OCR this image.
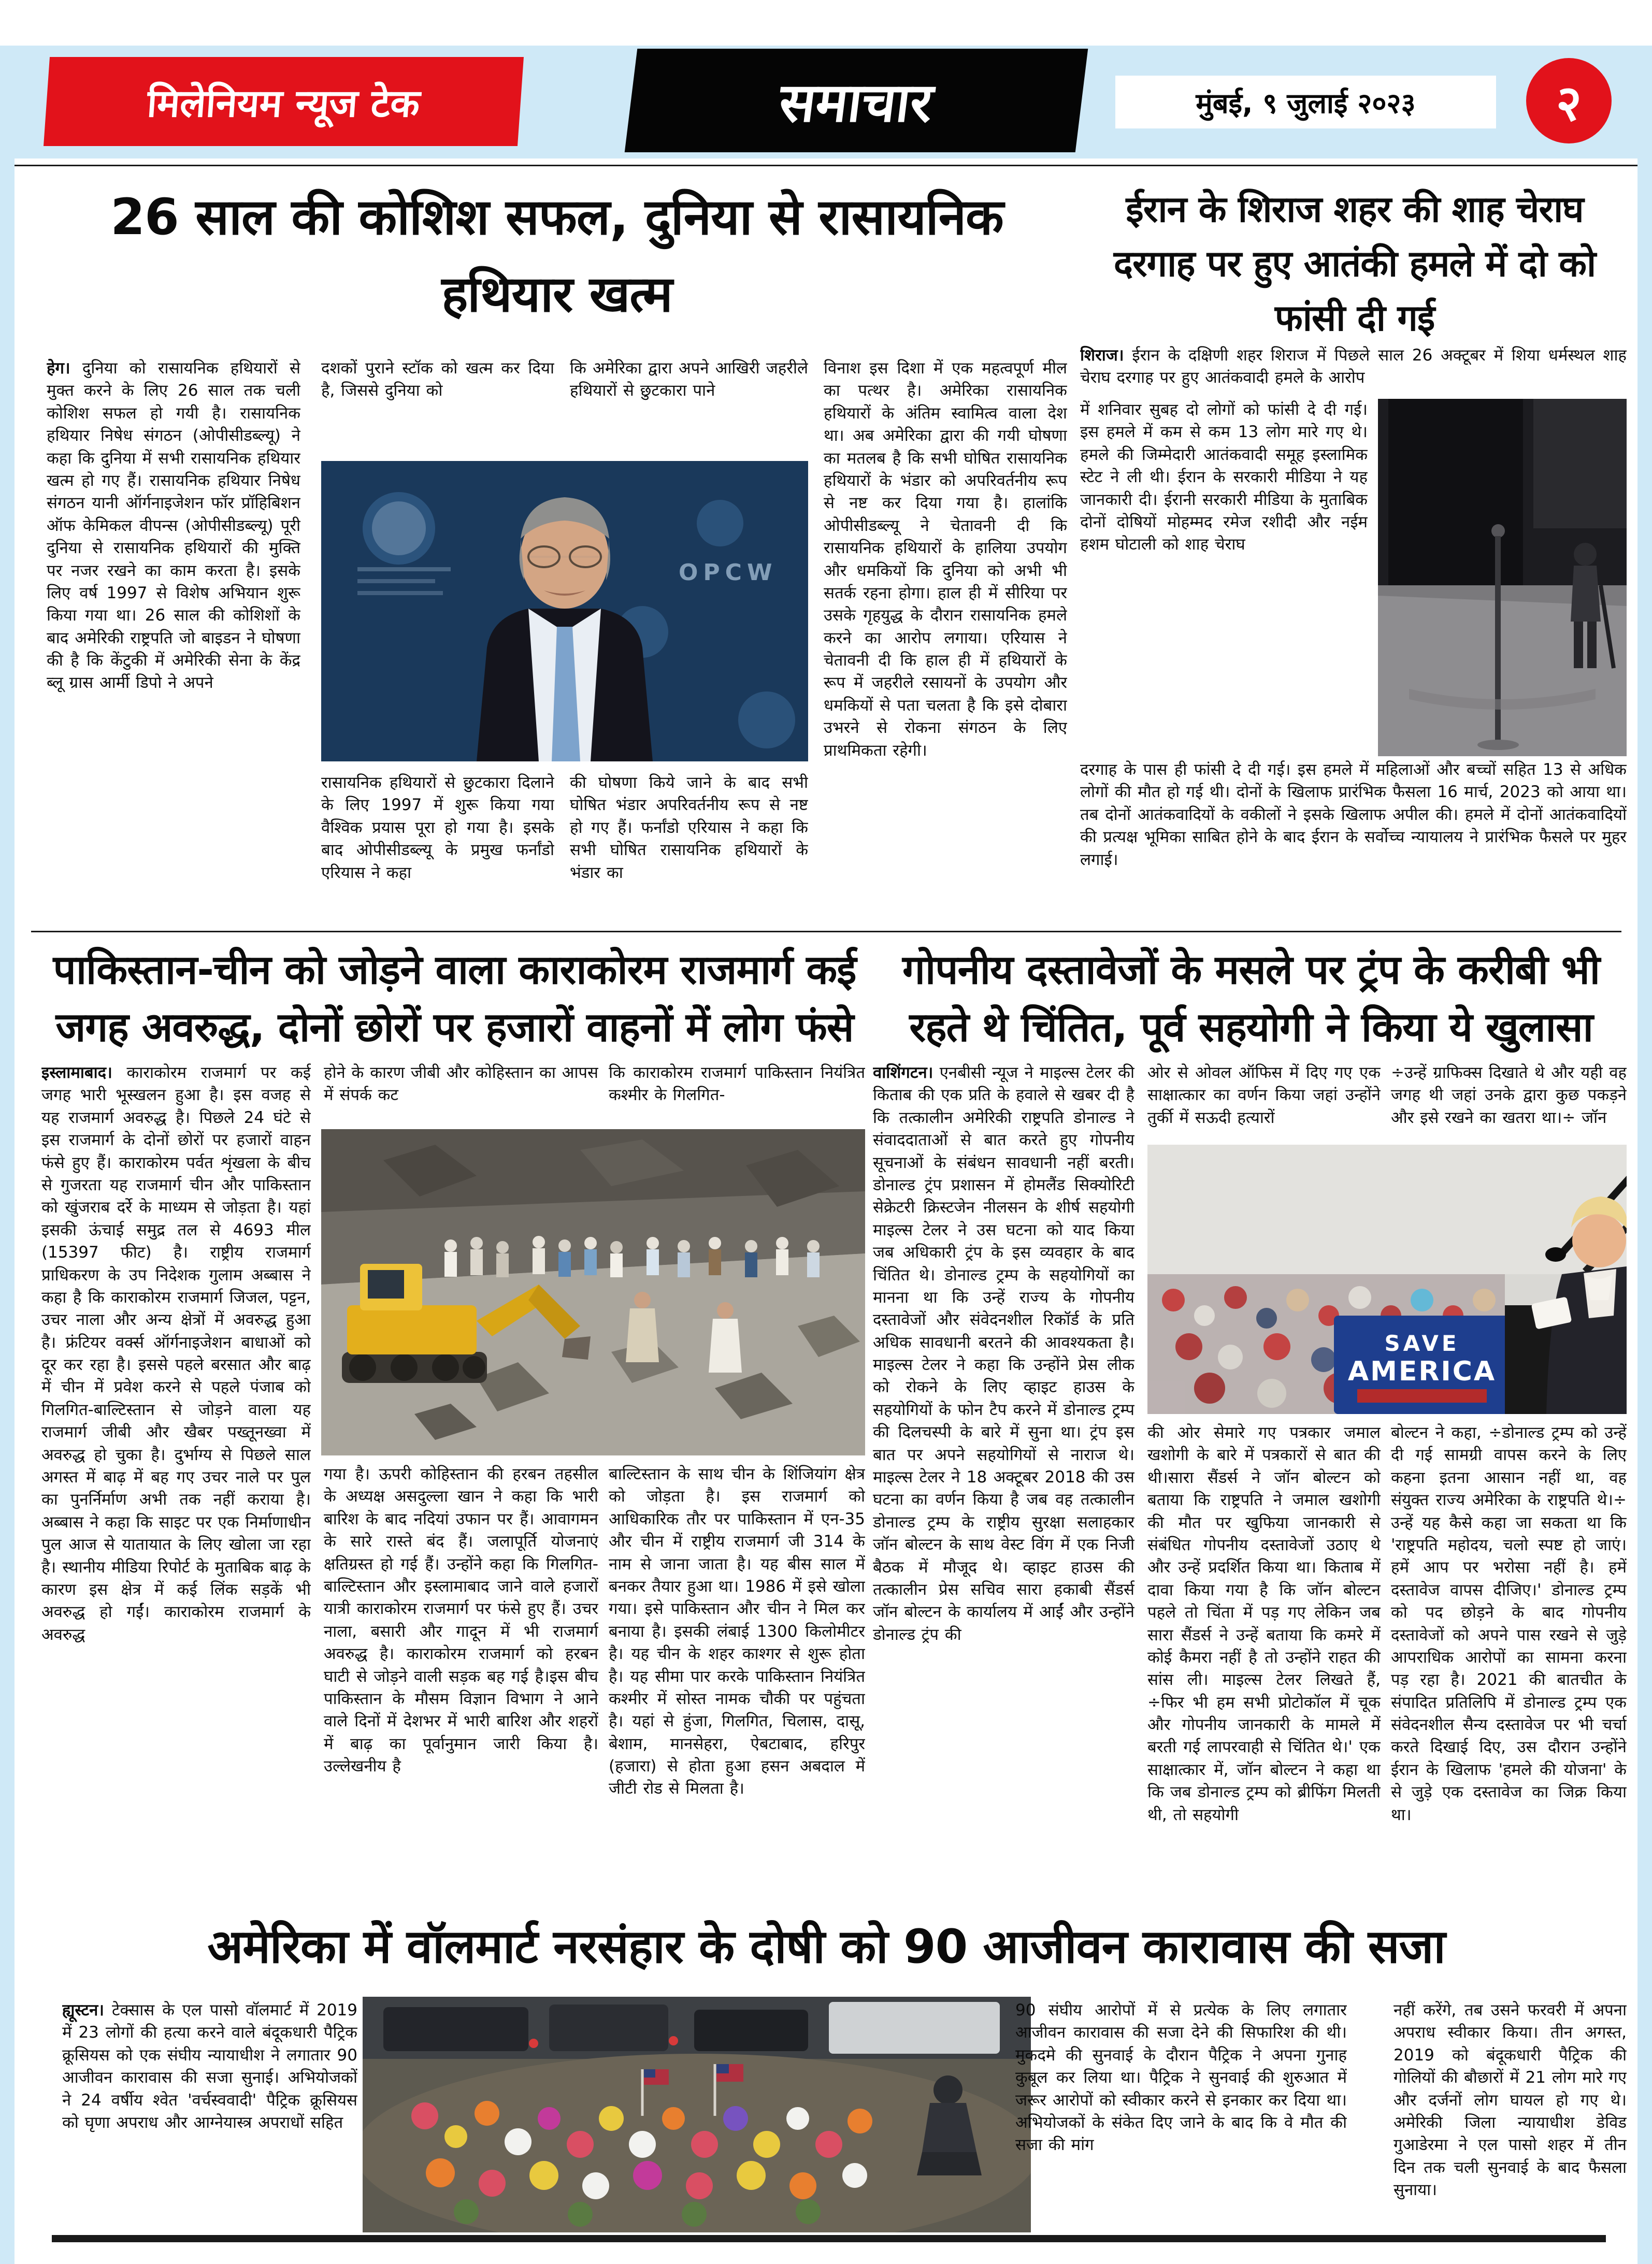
मिलेनियम न्यूज टेक	समाचार	मुंबई, ९ जुलाई २०२३	२
26 साल की कोशिश सफल, दुनिया से रासायनिक हथियार खत्म
हेग। दुनिया को रासायनिक हथियारों से मुक्त करने के लिए 26 साल तक चली कोशिश सफल हो गयी है। रासायनिक हथियार निषेध संगठन (ओपीसीडब्ल्यू) ने कहा कि दुनिया में सभी रासायनिक हथियार खत्म हो गए हैं। रासायनिक हथियार निषेध संगठन यानी ऑर्गनाइजेशन फॉर प्रॉहिबिशन ऑफ केमिकल वीपन्स (ओपीसीडब्ल्यू) पूरी दुनिया से रासायनिक हथियारों की मुक्ति पर नजर रखने का काम करता है। इसके लिए वर्ष 1997 से विशेष अभियान शुरू किया गया था। 26 साल की कोशिशों के बाद अमेरिकी राष्ट्रपति जो बाइडन ने घोषणा की है कि केंटुकी में अमेरिकी सेना के केंद्र ब्लू ग्रास आर्मी डिपो ने अपने
दशकों पुराने स्टॉक को खत्म कर दिया है, जिससे दुनिया को
कि अमेरिका द्वारा अपने आखिरी जहरीले हथियारों से छुटकारा पाने
OPCW
रासायनिक हथियारों से छुटकारा दिलाने के लिए 1997 में शुरू किया गया वैश्विक प्रयास पूरा हो गया है। इसके बाद ओपीसीडब्ल्यू के प्रमुख फर्नांडो एरियास ने कहा
की घोषणा किये जाने के बाद सभी घोषित भंडार अपरिवर्तनीय रूप से नष्ट हो गए हैं। फर्नांडो एरियास ने कहा कि सभी घोषित रासायनिक हथियारों के भंडार का
विनाश इस दिशा में एक महत्वपूर्ण मील का पत्थर है। अमेरिका रासायनिक हथियारों के अंतिम स्वामित्व वाला देश था। अब अमेरिका द्वारा की गयी घोषणा का मतलब है कि सभी घोषित रासायनिक हथियारों के भंडार को अपरिवर्तनीय रूप से नष्ट कर दिया गया है। हालांकि ओपीसीडब्ल्यू ने चेतावनी दी कि रासायनिक हथियारों के हालिया उपयोग और धमकियों कि दुनिया को अभी भी सतर्क रहना होगा। हाल ही में सीरिया पर उसके गृहयुद्ध के दौरान रासायनिक हमले करने का आरोप लगाया। एरियास ने चेतावनी दी कि हाल ही में हथियारों के रूप में जहरीले रसायनों के उपयोग और धमकियों से पता चलता है कि इसे दोबारा उभरने से रोकना संगठन के लिए प्राथमिकता रहेगी।
ईरान के शिराज शहर की शाह चेराघ दरगाह पर हुए आतंकी हमले में दो को फांसी दी गई
शिराज। ईरान के दक्षिणी शहर शिराज में पिछले साल 26 अक्टूबर में शिया धर्मस्थल शाह चेराघ दरगाह पर हुए आतंकवादी हमले के आरोप
में शनिवार सुबह दो लोगों को फांसी दे दी गई। इस हमले में कम से कम 13 लोग मारे गए थे। हमले की जिम्मेदारी आतंकवादी समूह इस्लामिक स्टेट ने ली थी। ईरान के सरकारी मीडिया ने यह जानकारी दी। ईरानी सरकारी मीडिया के मुताबिक दोनों दोषियों मोहम्मद रमेज रशीदी और नईम हशम घोटाली को शाह चेराघ
दरगाह के पास ही फांसी दे दी गई। इस हमले में महिलाओं और बच्चों सहित 13 से अधिक लोगों की मौत हो गई थी। दोनों के खिलाफ प्रारंभिक फैसला 16 मार्च, 2023 को आया था। तब दोनों आतंकवादियों के वकीलों ने इसके खिलाफ अपील की। हमले में दोनों आतंकवादियों की प्रत्यक्ष भूमिका साबित होने के बाद ईरान के सर्वोच्च न्यायालय ने प्रारंभिक फैसले पर मुहर लगाई।
पाकिस्तान-चीन को जोड़ने वाला काराकोरम राजमार्ग कई जगह अवरुद्ध, दोनों छोरों पर हजारों वाहनों में लोग फंसे
इस्लामाबाद। काराकोरम राजमार्ग पर कई जगह भारी भूस्खलन हुआ है। इस वजह से यह राजमार्ग अवरुद्ध है। पिछले 24 घंटे से इस राजमार्ग के दोनों छोरों पर हजारों वाहन फंसे हुए हैं। काराकोरम पर्वत शृंखला के बीच से गुजरता यह राजमार्ग चीन और पाकिस्तान को खुंजराब दर्रे के माध्यम से जोड़ता है। यहां इसकी ऊंचाई समुद्र तल से 4693 मील (15397 फीट) है। राष्ट्रीय राजमार्ग प्राधिकरण के उप निदेशक गुलाम अब्बास ने कहा है कि काराकोरम राजमार्ग जिजल, पट्टन, उचर नाला और अन्य क्षेत्रों में अवरुद्ध हुआ है। फ्रंटियर वर्क्स ऑर्गनाइजेशन बाधाओं को दूर कर रहा है। इससे पहले बरसात और बाढ़ में चीन में प्रवेश करने से पहले पंजाब को गिलगित-बाल्टिस्तान से जोड़ने वाला यह राजमार्ग जीबी और खैबर पख्तूनख्वा में अवरुद्ध हो चुका है। दुर्भाग्य से पिछले साल अगस्त में बाढ़ में बह गए उचर नाले पर पुल का पुनर्निर्माण अभी तक नहीं कराया है। अब्बास ने कहा कि साइट पर एक निर्माणाधीन पुल आज से यातायात के लिए खोला जा रहा है। स्थानीय मीडिया रिपोर्ट के मुताबिक बाढ़ के कारण इस क्षेत्र में कई लिंक सड़कें भी अवरुद्ध हो गईं। काराकोरम राजमार्ग के अवरुद्ध
होने के कारण जीबी और कोहिस्तान का आपस में संपर्क कट
कि काराकोरम राजमार्ग पाकिस्तान नियंत्रित कश्मीर के गिलगित-
गया है। ऊपरी कोहिस्तान की हरबन तहसील के अध्यक्ष असदुल्ला खान ने कहा कि भारी बारिश के बाद नदियां उफान पर हैं। आवागमन के सारे रास्ते बंद हैं। जलापूर्ति योजनाएं क्षतिग्रस्त हो गई हैं। उन्होंने कहा कि गिलगित-बाल्टिस्तान और इस्लामाबाद जाने वाले हजारों यात्री काराकोरम राजमार्ग पर फंसे हुए हैं। उचर नाला, बसारी और गादून में भी राजमार्ग अवरुद्ध है। काराकोरम राजमार्ग को हरबन घाटी से जोड़ने वाली सड़क बह गई है।इस बीच पाकिस्तान के मौसम विज्ञान विभाग ने आने वाले दिनों में देशभर में भारी बारिश और शहरों में बाढ़ का पूर्वानुमान जारी किया है। उल्लेखनीय है
बाल्टिस्तान के साथ चीन के शिंजियांग क्षेत्र को जोड़ता है। इस राजमार्ग को आधिकारिक तौर पर पाकिस्तान में एन-35 और चीन में राष्ट्रीय राजमार्ग जी 314 के नाम से जाना जाता है। यह बीस साल में बनकर तैयार हुआ था। 1986 में इसे खोला गया। इसे पाकिस्तान और चीन ने मिल कर बनाया है। इसकी लंबाई 1300 किलोमीटर है। यह चीन के शहर काश्गर से शुरू होता है। यह सीमा पार करके पाकिस्तान नियंत्रित कश्मीर में सोस्त नामक चौकी पर पहुंचता है। यहां से हुंजा, गिलगित, चिलास, दासू, बेशाम, मानसेहरा, ऐबटाबाद, हरिपुर (हजारा) से होता हुआ हसन अबदाल में जीटी रोड से मिलता है।
गोपनीय दस्तावेजों के मसले पर ट्रंप के करीबी भी रहते थे चिंतित, पूर्व सहयोगी ने किया ये खुलासा
वाशिंगटन। एनबीसी न्यूज ने माइल्स टेलर की किताब की एक प्रति के हवाले से खबर दी है कि तत्कालीन अमेरिकी राष्ट्रपति डोनाल्ड ने संवाददाताओं से बात करते हुए गोपनीय सूचनाओं के संबंधन सावधानी नहीं बरती। डोनाल्ड ट्रंप प्रशासन में होमलैंड सिक्योरिटी सेक्रेटरी क्रिस्टजेन नीलसन के शीर्ष सहयोगी माइल्स टेलर ने उस घटना को याद किया जब अधिकारी ट्रंप के इस व्यवहार के बाद चिंतित थे। डोनाल्ड ट्रम्प के सहयोगियों का मानना था कि उन्हें राज्य के गोपनीय दस्तावेजों और संवेदनशील रिकॉर्ड के प्रति अधिक सावधानी बरतने की आवश्यकता है। माइल्स टेलर ने कहा कि उन्होंने प्रेस लीक को रोकने के लिए व्हाइट हाउस के सहयोगियों के फोन टैप करने में डोनाल्ड ट्रम्प की दिलचस्पी के बारे में सुना था। ट्रंप इस बात पर अपने सहयोगियों से नाराज थे।माइल्स टेलर ने 18 अक्टूबर 2018 की उस घटना का वर्णन किया है जब वह तत्कालीन डोनाल्ड ट्रम्प के राष्ट्रीय सुरक्षा सलाहकार जॉन बोल्टन के साथ वेस्ट विंग में एक निजी बैठक में मौजूद थे। व्हाइट हाउस की तत्कालीन प्रेस सचिव सारा हकाबी सैंडर्स जॉन बोल्टन के कार्यालय में आईं और उन्होंने डोनाल्ड ट्रंप की
ओर से ओवल ऑफिस में दिए गए एक साक्षात्कार का वर्णन किया जहां उन्होंने तुर्की में सऊदी हत्यारों
÷उन्हें ग्राफिक्स दिखाते थे और यही वह जगह थी जहां उनके द्वारा कुछ पकड़ने और इसे रखने का खतरा था।÷ जॉन
SAVE
AMERICA
की ओर सेमारे गए पत्रकार जमाल खशोगी के बारे में पत्रकारों से बात की थी।सारा सैंडर्स ने जॉन बोल्टन को बताया कि राष्ट्रपति ने जमाल खशोगी की मौत पर खुफिया जानकारी से संबंधित गोपनीय दस्तावेजों उठाए थे और उन्हें प्रदर्शित किया था। किताब में दावा किया गया है कि जॉन बोल्टन पहले तो चिंता में पड़ गए लेकिन जब सारा सैंडर्स ने उन्हें बताया कि कमरे में कोई कैमरा नहीं है तो उन्होंने राहत की सांस ली। माइल्स टेलर लिखते हैं, ÷फिर भी हम सभी प्रोटोकॉल में चूक और गोपनीय जानकारी के मामले में बरती गई लापरवाही से चिंतित थे।' एक साक्षात्कार में, जॉन बोल्टन ने कहा था कि जब डोनाल्ड ट्रम्प को ब्रीफिंग मिलती थी, तो सहयोगी
बोल्टन ने कहा, ÷डोनाल्ड ट्रम्प को उन्हें दी गई सामग्री वापस करने के लिए कहना इतना आसान नहीं था, वह संयुक्त राज्य अमेरिका के राष्ट्रपति थे।÷ उन्हें यह कैसे कहा जा सकता था कि 'राष्ट्रपति महोदय, चलो स्पष्ट हो जाएं। हमें आप पर भरोसा नहीं है। हमें दस्तावेज वापस दीजिए।' डोनाल्ड ट्रम्प को पद छोड़ने के बाद गोपनीय दस्तावेजों को अपने पास रखने से जुड़े आपराधिक आरोपों का सामना करना पड़ रहा है। 2021 की बातचीत के संपादित प्रतिलिपि में डोनाल्ड ट्रम्प एक संवेदनशील सैन्य दस्तावेज पर भी चर्चा करते दिखाई दिए, उस दौरान उन्होंने ईरान के खिलाफ 'हमले की योजना' के से जुड़े एक दस्तावेज का जिक्र किया था।
अमेरिका में वॉलमार्ट नरसंहार के दोषी को 90 आजीवन कारावास की सजा
ह्यूस्टन। टेक्सास के एल पासो वॉलमार्ट में 2019 में 23 लोगों की हत्या करने वाले बंदूकधारी पैट्रिक क्रूसियस को एक संघीय न्यायाधीश ने लगातार 90 आजीवन कारावास की सजा सुनाई। अभियोजकों ने 24 वर्षीय श्वेत 'वर्चस्ववादी' पैट्रिक क्रूसियस को घृणा अपराध और आग्नेयास्त्र अपराधों सहित
90 संघीय आरोपों में से प्रत्येक के लिए लगातार आजीवन कारावास की सजा देने की सिफारिश की थी। मुकदमे की सुनवाई के दौरान पैट्रिक ने अपना गुनाह कुबूल कर लिया था। पैट्रिक ने सुनवाई की शुरुआत में जरूर आरोपों को स्वीकार करने से इनकार कर दिया था। अभियोजकों के संकेत दिए जाने के बाद कि वे मौत की सजा की मांग
नहीं करेंगे, तब उसने फरवरी में अपना अपराध स्वीकार किया। तीन अगस्त, 2019 को बंदूकधारी पैट्रिक की गोलियों की बौछारों में 21 लोग मारे गए और दर्जनों लोग घायल हो गए थे। अमेरिकी जिला न्यायाधीश डेविड गुआडेरमा ने एल पासो शहर में तीन दिन तक चली सुनवाई के बाद फैसला सुनाया।
